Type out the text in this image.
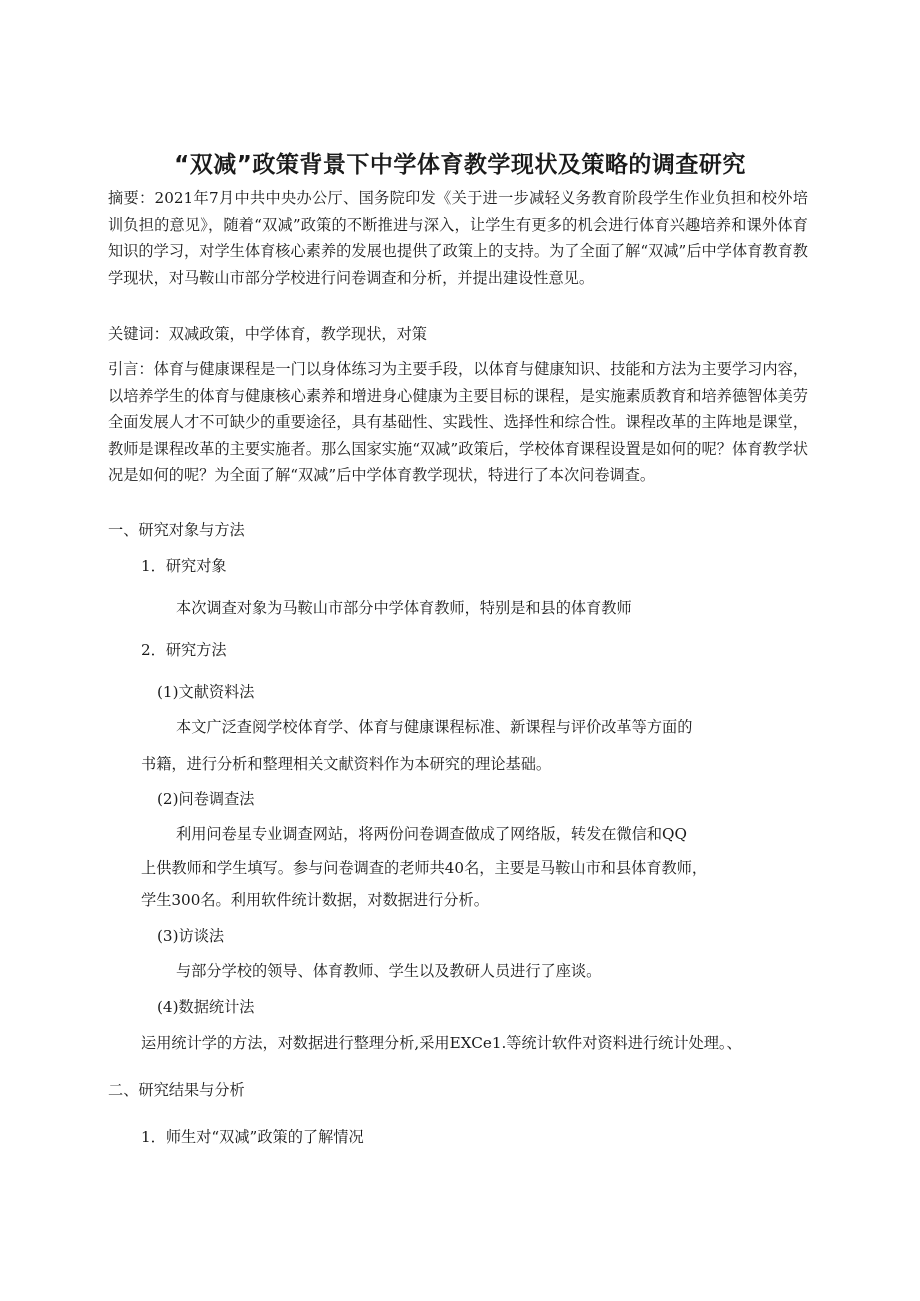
“双减”政策背景下中学体育教学现状及策略的调查研究

摘要：2021年7月中共中央办公厅、国务院印发《关于进一步减轻义务教育阶段学生作业负担和校外培训负担的意见》，随着“双减”政策的不断推进与深入，让学生有更多的机会进行体育兴趣培养和课外体育知识的学习，对学生体育核心素养的发展也提供了政策上的支持。为了全面了解“双减”后中学体育教育教学现状，对马鞍山市部分学校进行问卷调查和分析，并提出建设性意见。

关键词：双减政策，中学体育，教学现状，对策

引言：体育与健康课程是一门以身体练习为主要手段，以体育与健康知识、技能和方法为主要学习内容，以培养学生的体育与健康核心素养和增进身心健康为主要目标的课程，是实施素质教育和培养德智体美劳全面发展人才不可缺少的重要途径，具有基础性、实践性、选择性和综合性。课程改革的主阵地是课堂，教师是课程改革的主要实施者。那么国家实施“双减”政策后，学校体育课程设置是如何的呢？体育教学状况是如何的呢？为全面了解“双减”后中学体育教学现状，特进行了本次问卷调查。

一、研究对象与方法

1．研究对象

本次调查对象为马鞍山市部分中学体育教师，特别是和县的体育教师

2．研究方法

(1)文献资料法

本文广泛查阅学校体育学、体育与健康课程标准、新课程与评价改革等方面的

书籍，进行分析和整理相关文献资料作为本研究的理论基础。

(2)问卷调查法

利用问卷星专业调查网站，将两份问卷调查做成了网络版，转发在微信和QQ

上供教师和学生填写。参与问卷调查的老师共40名，主要是马鞍山市和县体育教师，

学生300名。利用软件统计数据，对数据进行分析。

(3)访谈法

与部分学校的领导、体育教师、学生以及教研人员进行了座谈。

(4)数据统计法

运用统计学的方法，对数据进行整理分析,采用EXCe1.等统计软件对资料进行统计处理。、

二、研究结果与分析

1．师生对“双减”政策的了解情况
